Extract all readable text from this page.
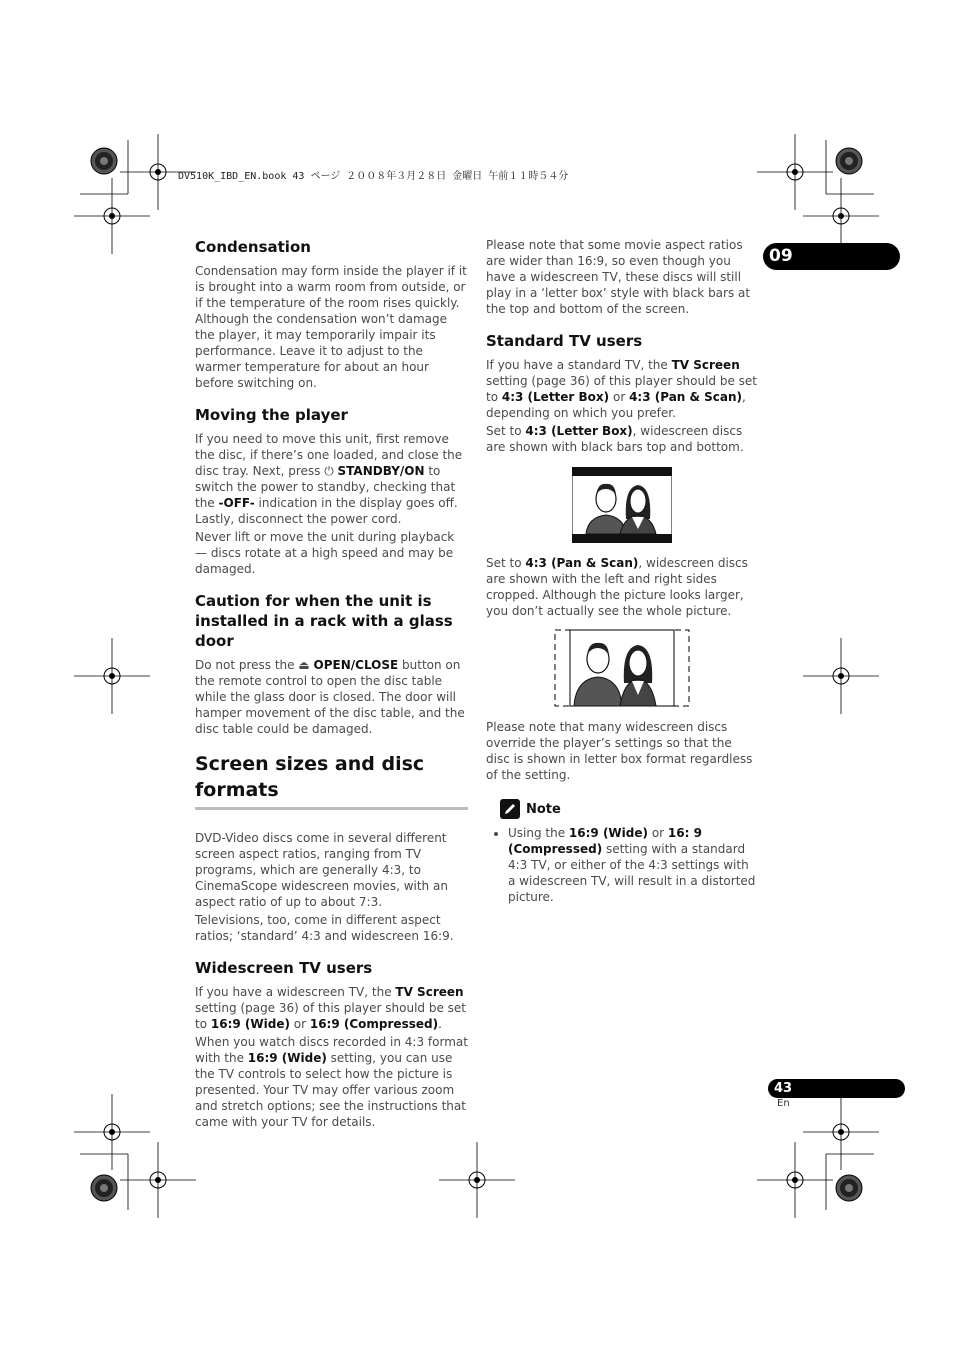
DV510K_IBD_EN.book 43 ページ ２００８年３月２８日 金曜日 午前１１時５４分
09
43
En
Condensation

Condensation may form inside the player if it is brought into a warm room from outside, or if the temperature of the room rises quickly. Although the condensation won’t damage the player, it may temporarily impair its performance. Leave it to adjust to the warmer temperature for about an hour before switching on.

Moving the player

If you need to move this unit, first remove the disc, if there’s one loaded, and close the disc tray. Next, press ⏻ STANDBY/ON to switch the power to standby, checking that the -OFF- indication in the display goes off. Lastly, disconnect the power cord.

Never lift or move the unit during playback — discs rotate at a high speed and may be damaged.

Caution for when the unit is installed in a rack with a glass door

Do not press the ⏏ OPEN/CLOSE button on the remote control to open the disc table while the glass door is closed. The door will hamper movement of the disc table, and the disc table could be damaged.

Screen sizes and disc formats

DVD-Video discs come in several different screen aspect ratios, ranging from TV programs, which are generally 4:3, to CinemaScope widescreen movies, with an aspect ratio of up to about 7:3.

Televisions, too, come in different aspect ratios; ‘standard’ 4:3 and widescreen 16:9.

Widescreen TV users

If you have a widescreen TV, the TV Screen setting (page 36) of this player should be set to 16:9 (Wide) or 16:9 (Compressed).

When you watch discs recorded in 4:3 format with the 16:9 (Wide) setting, you can use the TV controls to select how the picture is presented. Your TV may offer various zoom and stretch options; see the instructions that came with your TV for details.

Please note that some movie aspect ratios are wider than 16:9, so even though you have a widescreen TV, these discs will still play in a ‘letter box’ style with black bars at the top and bottom of the screen.

Standard TV users

If you have a standard TV, the TV Screen setting (page 36) of this player should be set to 4:3 (Letter Box) or 4:3 (Pan & Scan), depending on which you prefer.

Set to 4:3 (Letter Box), widescreen discs are shown with black bars top and bottom.

Set to 4:3 (Pan & Scan), widescreen discs are shown with the left and right sides cropped. Although the picture looks larger, you don’t actually see the whole picture.

Please note that many widescreen discs override the player’s settings so that the disc is shown in letter box format regardless of the setting.

Note
• Using the 16:9 (Wide) or 16: 9 (Compressed) setting with a standard 4:3 TV, or either of the 4:3 settings with a widescreen TV, will result in a distorted picture.
